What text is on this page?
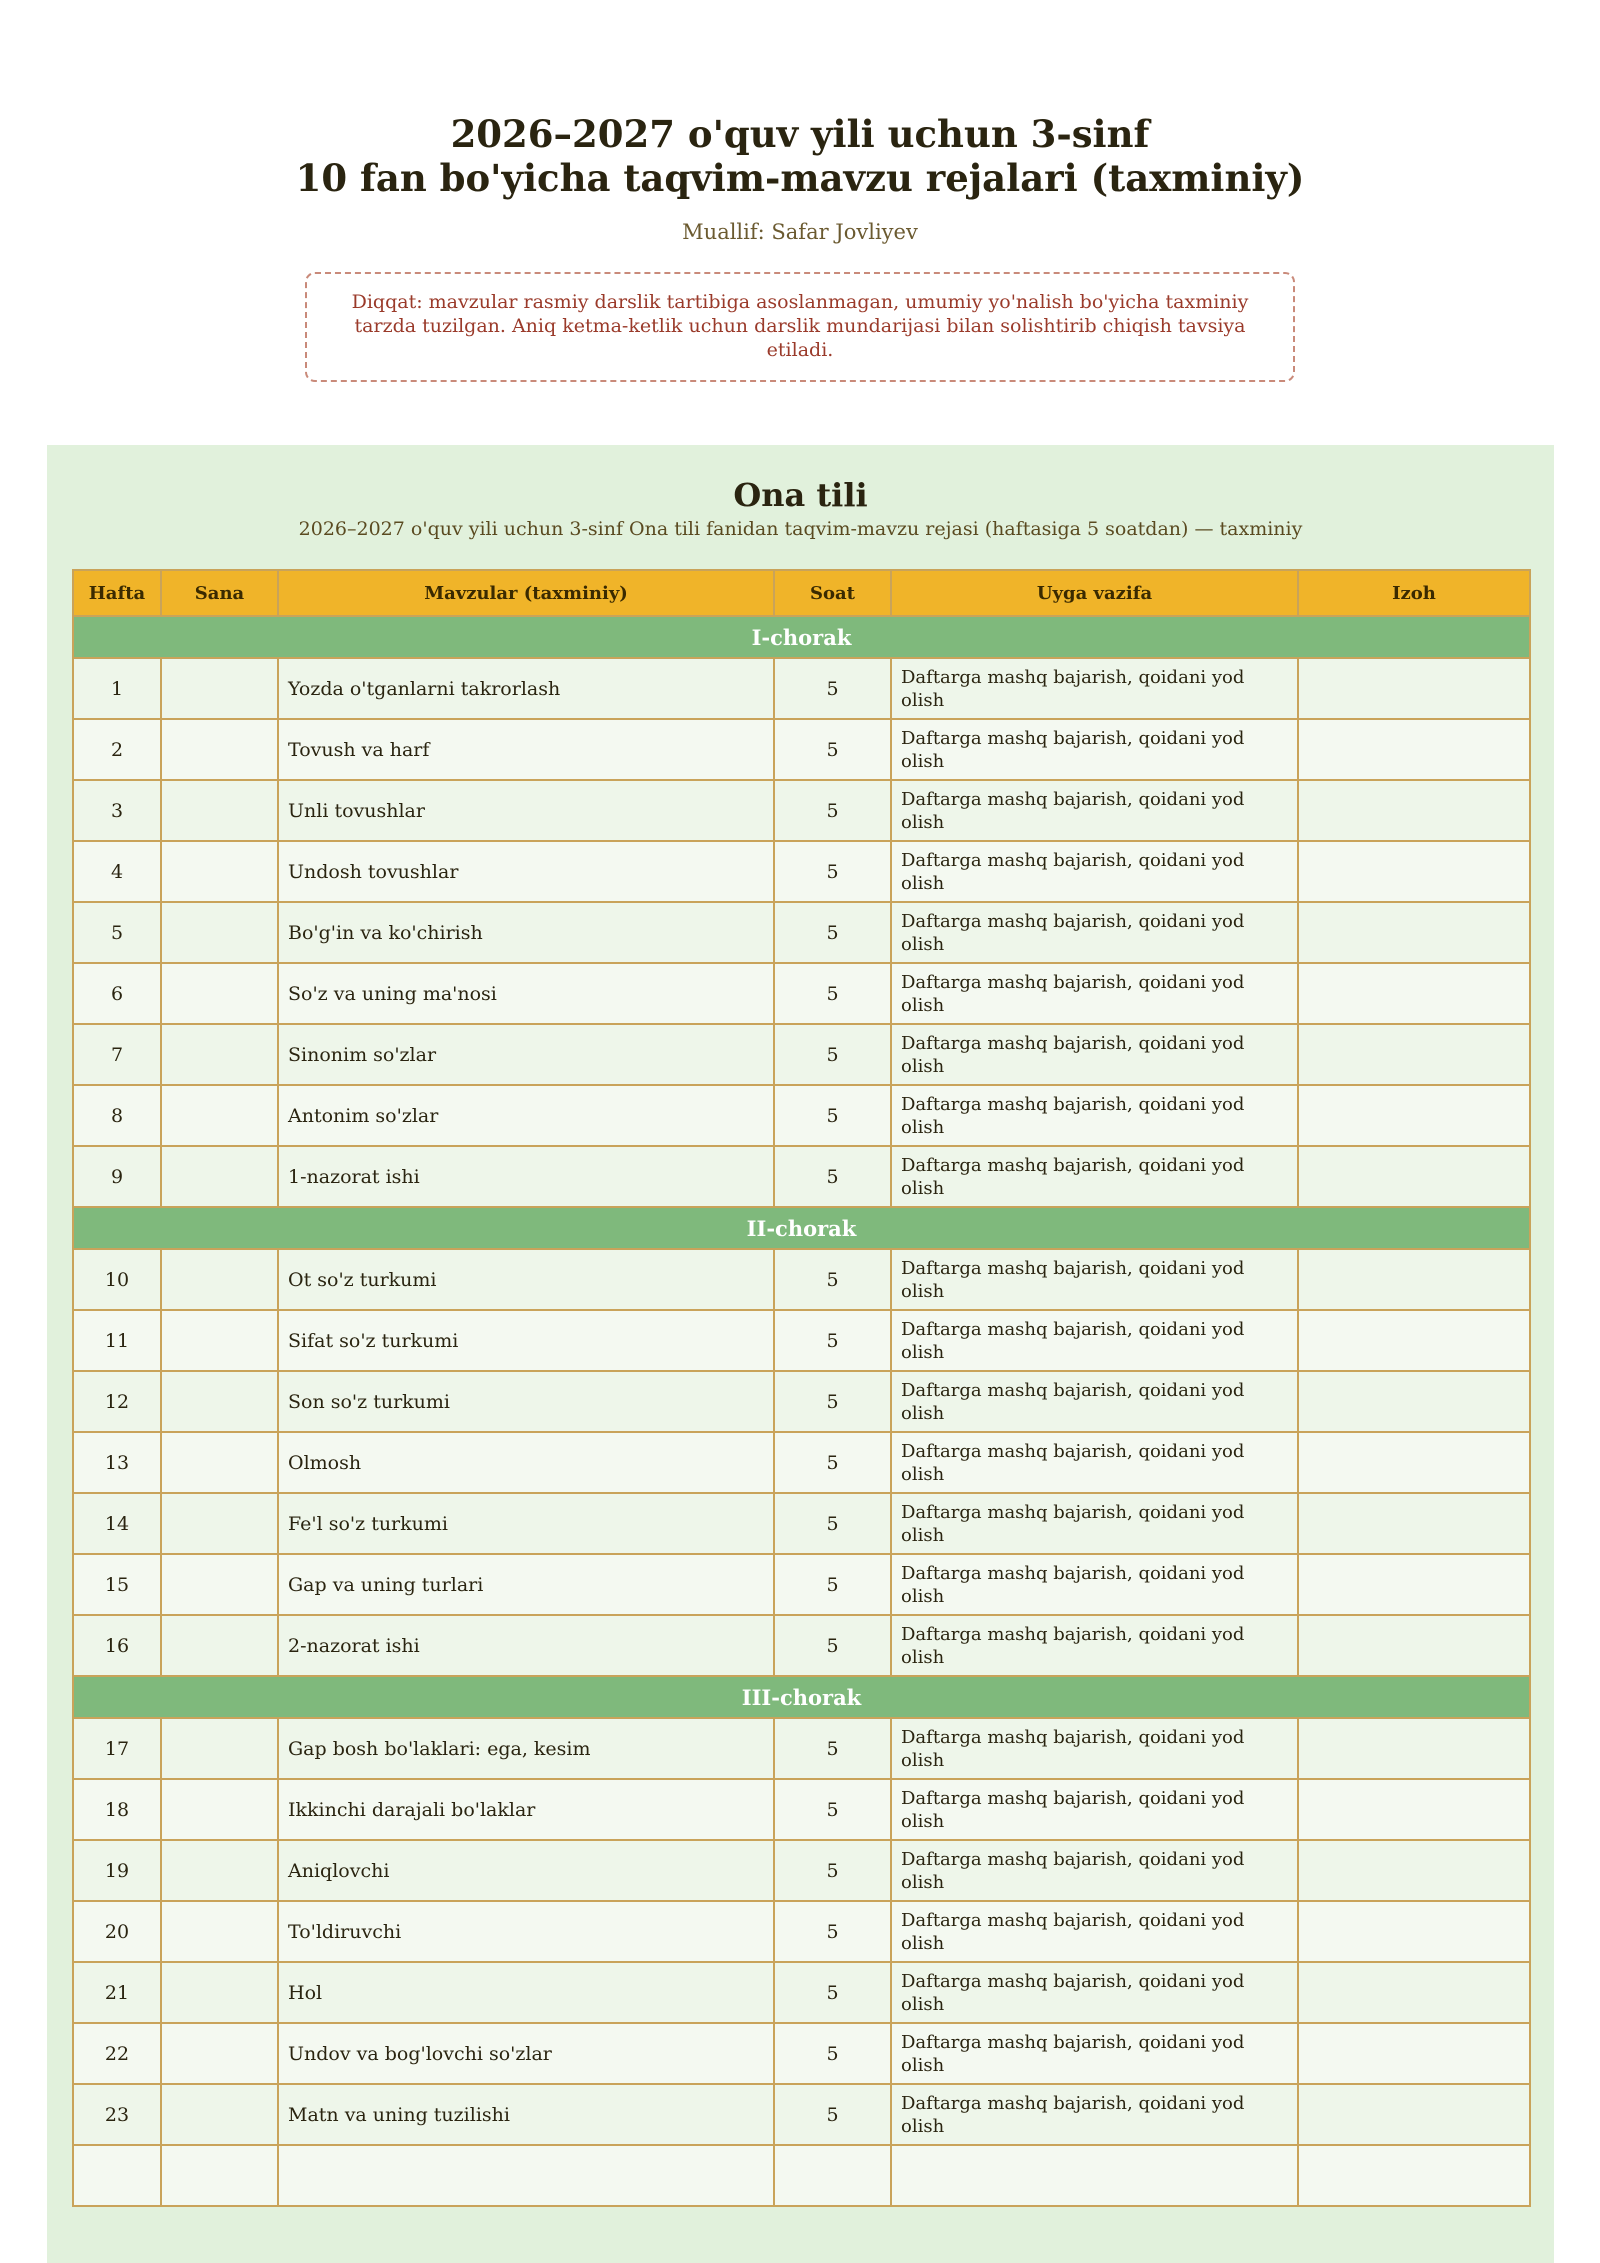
2026–2027 o'quv yili uchun 3-sinf
10 fan bo'yicha taqvim-mavzu rejalari (taxminiy)
Muallif: Safar Jovliyev
Diqqat: mavzular rasmiy darslik tartibiga asoslanmagan, umumiy yo'nalish bo'yicha taxminiy tarzda tuzilgan. Aniq ketma-ketlik uchun darslik mundarijasi bilan solishtirib chiqish tavsiya etiladi.
Ona tili
2026–2027 o'quv yili uchun 3-sinf Ona tili fanidan taqvim-mavzu rejasi (haftasiga 5 soatdan) — taxminiy
Hafta	Sana	Mavzular (taxminiy)	Soat	Uyga vazifa	Izoh
I-chorak					
1		Yozda o'tganlarni takrorlash	5	Daftarga mashq bajarish, qoidani yod olish	
2		Tovush va harf	5	Daftarga mashq bajarish, qoidani yod olish	
3		Unli tovushlar	5	Daftarga mashq bajarish, qoidani yod olish	
4		Undosh tovushlar	5	Daftarga mashq bajarish, qoidani yod olish	
5		Bo'g'in va ko'chirish	5	Daftarga mashq bajarish, qoidani yod olish	
6		So'z va uning ma'nosi	5	Daftarga mashq bajarish, qoidani yod olish	
7		Sinonim so'zlar	5	Daftarga mashq bajarish, qoidani yod olish	
8		Antonim so'zlar	5	Daftarga mashq bajarish, qoidani yod olish	
9		1-nazorat ishi	5	Daftarga mashq bajarish, qoidani yod olish	
II-chorak					
10		Ot so'z turkumi	5	Daftarga mashq bajarish, qoidani yod olish	
11		Sifat so'z turkumi	5	Daftarga mashq bajarish, qoidani yod olish	
12		Son so'z turkumi	5	Daftarga mashq bajarish, qoidani yod olish	
13		Olmosh	5	Daftarga mashq bajarish, qoidani yod olish	
14		Fe'l so'z turkumi	5	Daftarga mashq bajarish, qoidani yod olish	
15		Gap va uning turlari	5	Daftarga mashq bajarish, qoidani yod olish	
16		2-nazorat ishi	5	Daftarga mashq bajarish, qoidani yod olish	
III-chorak					
17		Gap bosh bo'laklari: ega, kesim	5	Daftarga mashq bajarish, qoidani yod olish	
18		Ikkinchi darajali bo'laklar	5	Daftarga mashq bajarish, qoidani yod olish	
19		Aniqlovchi	5	Daftarga mashq bajarish, qoidani yod olish	
20		To'ldiruvchi	5	Daftarga mashq bajarish, qoidani yod olish	
21		Hol	5	Daftarga mashq bajarish, qoidani yod olish	
22		Undov va bog'lovchi so'zlar	5	Daftarga mashq bajarish, qoidani yod olish	
23		Matn va uning tuzilishi	5	Daftarga mashq bajarish, qoidani yod olish	
